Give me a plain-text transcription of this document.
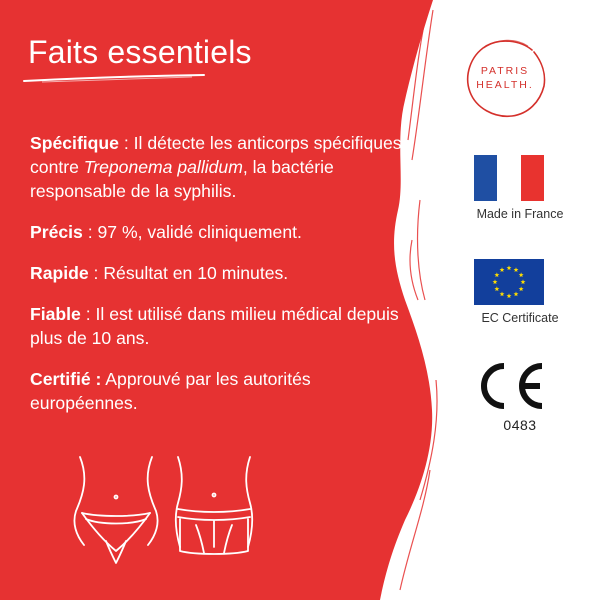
Faits essentiels

Spécifique : Il détecte les anticorps spécifiques contre Treponema pallidum, la bactérie responsable de la syphilis.

Précis : 97 %, validé cliniquement.

Rapide : Résultat en 10 minutes.

Fiable : Il est utilisé dans milieu médical depuis plus de 10 ans.

Certifié : Approuvé par les autorités européennes.

PATRIS
HEALTH.
Made in France
EC Certificate
0483
